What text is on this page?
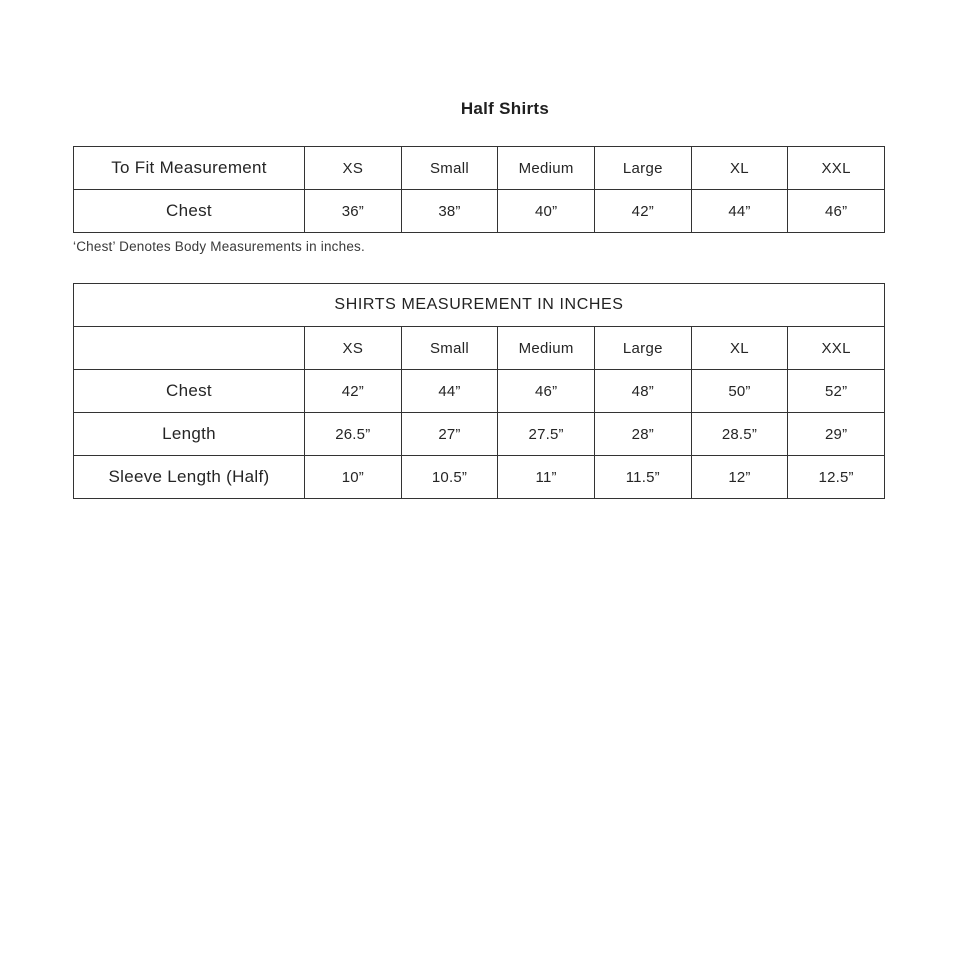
Half Shirts
To Fit Measurement	XS	Small	Medium	Large	XL	XXL
Chest	36”	38”	40”	42”	44”	46”
‘Chest’ Denotes Body Measurements in inches.
SHIRTS MEASUREMENT IN INCHES						
	XS	Small	Medium	Large	XL	XXL
Chest	42”	44”	46”	48”	50”	52”
Length	26.5”	27”	27.5”	28”	28.5”	29”
Sleeve Length (Half)	10”	10.5”	11”	11.5”	12”	12.5”
